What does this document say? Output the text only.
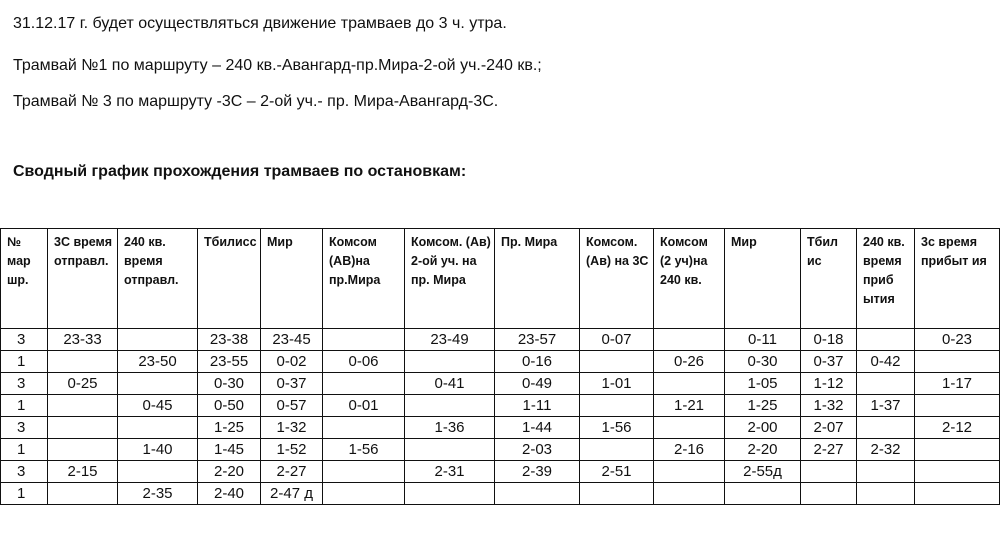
31.12.17 г. будет осуществляться движение трамваев до 3 ч. утра.
Трамвай №1 по маршруту – 240 кв.-Авангард-пр.Мира-2-ой уч.-240 кв.;
Трамвай № 3 по маршруту -3С – 2-ой уч.- пр. Мира-Авангард-3С.
Сводный график прохождения трамваев по остановкам:
№ мар шр.	3С время отправл.	240 кв. время отправл.	Тбилисс	Мир	Комсом (АВ)на пр.Мира	Комсом. (Ав) 2-ой уч. на пр. Мира	Пр. Мира	Комсом. (Ав) на 3С	Комсом (2 уч)на 240 кв.	Мир	Тбил ис	240 кв. время приб ытия	3с время прибыт ия
3	23-33		23-38	23-45		23-49	23-57	0-07		0-11	0-18		0-23
1		23-50	23-55	0-02	0-06		0-16		0-26	0-30	0-37	0-42	
3	0-25		0-30	0-37		0-41	0-49	1-01		1-05	1-12		1-17
1		0-45	0-50	0-57	0-01		1-11		1-21	1-25	1-32	1-37	
3			1-25	1-32		1-36	1-44	1-56		2-00	2-07		2-12
1		1-40	1-45	1-52	1-56		2-03		2-16	2-20	2-27	2-32	
3	2-15		2-20	2-27		2-31	2-39	2-51		2-55д			
1		2-35	2-40	2-47 д									
